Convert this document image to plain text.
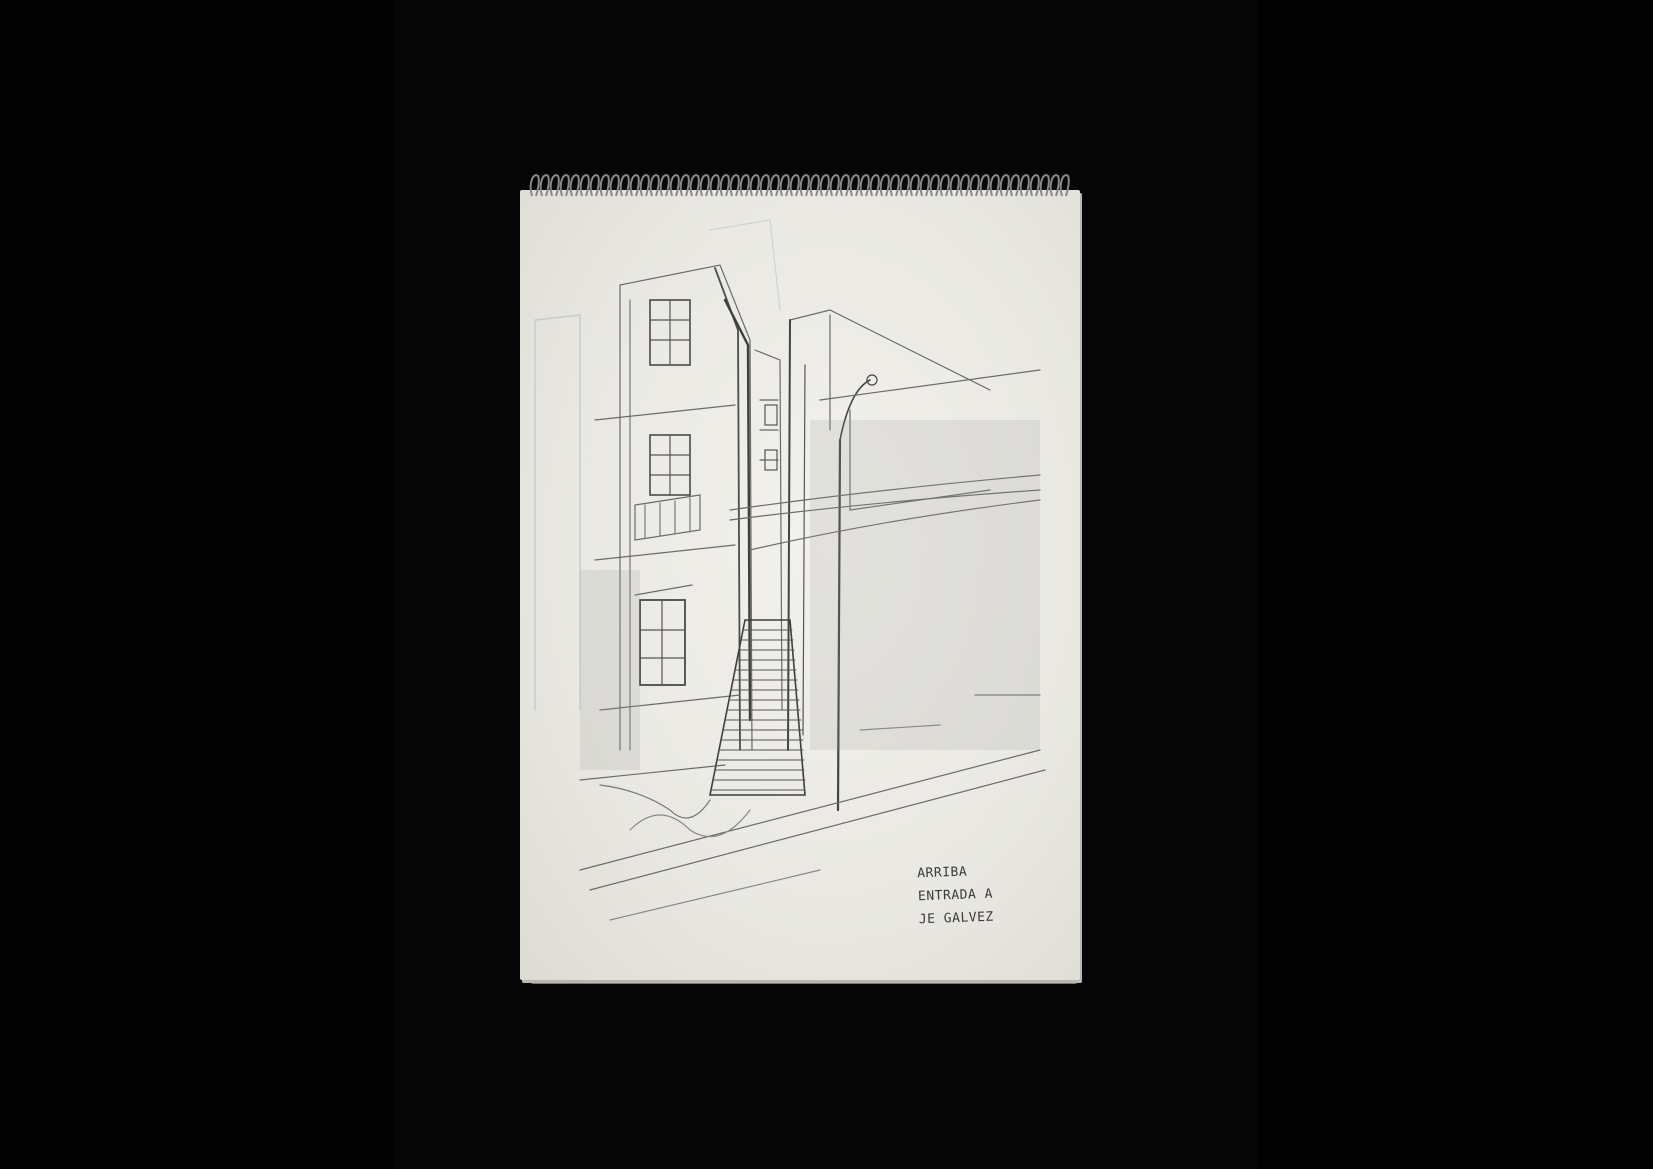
ARRIBA
ENTRADA A
JE GALVEZ
